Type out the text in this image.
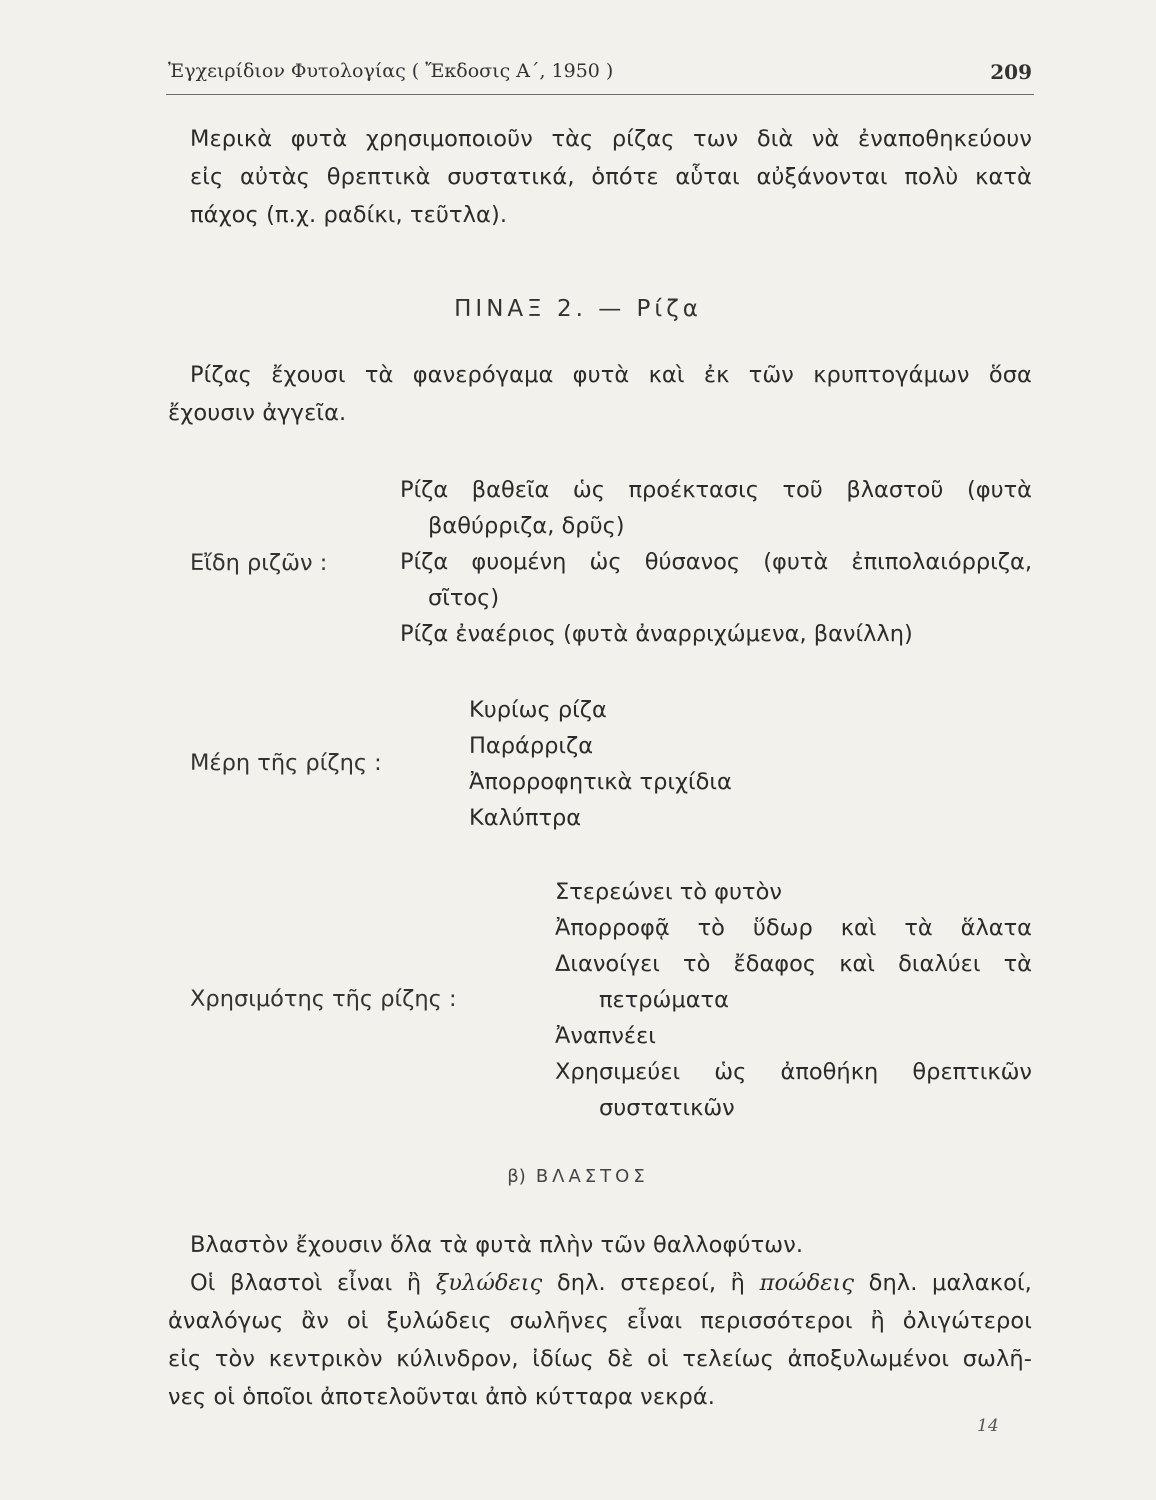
Ἐγχειρίδιον Φυτολογίας ( Ἔκδοσις Α΄, 1950 )	209
Μερικὰ φυτὰ χρησιμοποιοῦν τὰς ρίζας των διὰ νὰ ἐναποθηκεύουν
εἰς αὐτὰς θρεπτικὰ συστατικά, ὁπότε αὗται αὐξάνονται πολὺ κατὰ
πάχος (π.χ. ραδίκι, τεῦτλα).
ΠΙΝΑΞ 2. — Ρίζα
Ρίζας ἔχουσι τὰ φανερόγαμα φυτὰ καὶ ἐκ τῶν κρυπτογάμων ὅσα
ἔχουσιν ἀγγεῖα.
Εἴδη ριζῶν :
Ρίζα βαθεῖα ὡς προέκτασις τοῦ βλαστοῦ (φυτὰ
βαθύρριζα, δρῦς)
Ρίζα φυομένη ὡς θύσανος (φυτὰ ἐπιπολαιόρριζα,
σῖτος)
Ρίζα ἐναέριος (φυτὰ ἀναρριχώμενα, βανίλλη)
Μέρη τῆς ρίζης :
Κυρίως ρίζα
Παράρριζα
Ἀπορροφητικὰ τριχίδια
Καλύπτρα
Χρησιμότης τῆς ρίζης :
Στερεώνει τὸ φυτὸν
Ἀπορροφᾷ τὸ ὕδωρ καὶ τὰ ἅλατα
Διανοίγει τὸ ἔδαφος καὶ διαλύει τὰ
πετρώματα
Ἀναπνέει
Χρησιμεύει ὡς ἀποθήκη θρεπτικῶν
συστατικῶν
β) ΒΛΑΣΤΟΣ
Βλαστὸν ἔχουσιν ὅλα τὰ φυτὰ πλὴν τῶν θαλλοφύτων.
Οἱ βλαστοὶ εἶναι ἢ ξυλώδεις δηλ. στερεοί, ἢ ποώδεις δηλ. μαλακοί,
ἀναλόγως ἂν οἱ ξυλώδεις σωλῆνες εἶναι περισσότεροι ἢ ὀλιγώτεροι
εἰς τὸν κεντρικὸν κύλινδρον, ἰδίως δὲ οἱ τελείως ἀποξυλωμένοι σωλῆ-
νες οἱ ὁποῖοι ἀποτελοῦνται ἀπὸ κύτταρα νεκρά.
14
